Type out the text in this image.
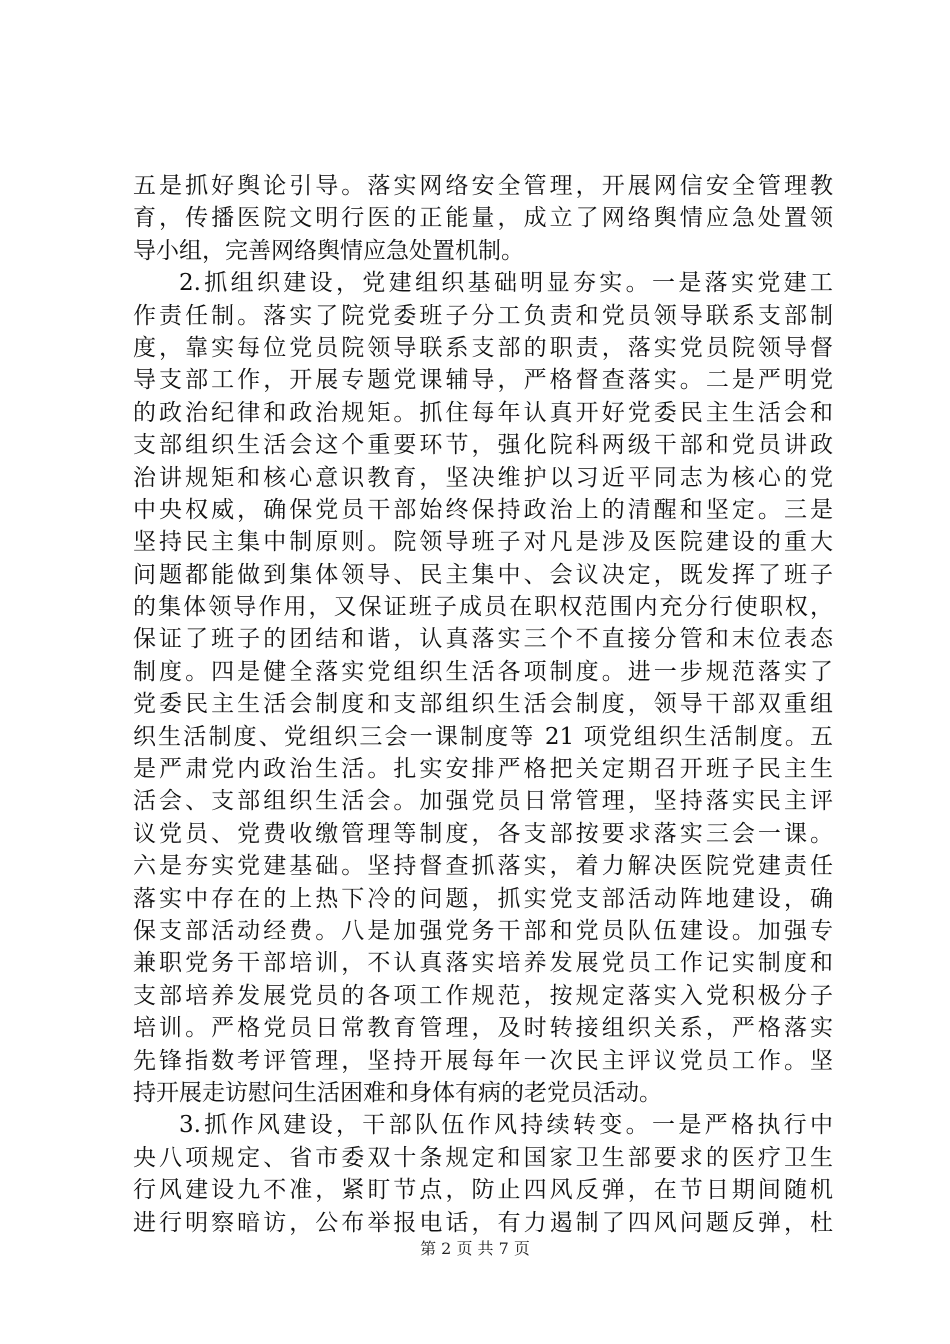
五是抓好舆论引导。落实网络安全管理，开展网信安全管理教
育，传播医院文明行医的正能量，成立了网络舆情应急处置领
导小组，完善网络舆情应急处置机制。
2.抓组织建设，党建组织基础明显夯实。一是落实党建工
作责任制。落实了院党委班子分工负责和党员领导联系支部制
度，靠实每位党员院领导联系支部的职责，落实党员院领导督
导支部工作，开展专题党课辅导，严格督查落实。二是严明党
的政治纪律和政治规矩。抓住每年认真开好党委民主生活会和
支部组织生活会这个重要环节，强化院科两级干部和党员讲政
治讲规矩和核心意识教育，坚决维护以习近平同志为核心的党
中央权威，确保党员干部始终保持政治上的清醒和坚定。三是
坚持民主集中制原则。院领导班子对凡是涉及医院建设的重大
问题都能做到集体领导、民主集中、会议决定，既发挥了班子
的集体领导作用，又保证班子成员在职权范围内充分行使职权，
保证了班子的团结和谐，认真落实三个不直接分管和末位表态
制度。四是健全落实党组织生活各项制度。进一步规范落实了
党委民主生活会制度和支部组织生活会制度，领导干部双重组
织生活制度、党组织三会一课制度等 21 项党组织生活制度。五
是严肃党内政治生活。扎实安排严格把关定期召开班子民主生
活会、支部组织生活会。加强党员日常管理，坚持落实民主评
议党员、党费收缴管理等制度，各支部按要求落实三会一课。
六是夯实党建基础。坚持督查抓落实，着力解决医院党建责任
落实中存在的上热下冷的问题，抓实党支部活动阵地建设，确
保支部活动经费。八是加强党务干部和党员队伍建设。加强专
兼职党务干部培训，不认真落实培养发展党员工作记实制度和
支部培养发展党员的各项工作规范，按规定落实入党积极分子
培训。严格党员日常教育管理，及时转接组织关系，严格落实
先锋指数考评管理，坚持开展每年一次民主评议党员工作。坚
持开展走访慰问生活困难和身体有病的老党员活动。
3.抓作风建设，干部队伍作风持续转变。一是严格执行中
央八项规定、省市委双十条规定和国家卫生部要求的医疗卫生
行风建设九不准，紧盯节点，防止四风反弹，在节日期间随机
进行明察暗访，公布举报电话，有力遏制了四风问题反弹，杜
第 2 页 共 7 页
